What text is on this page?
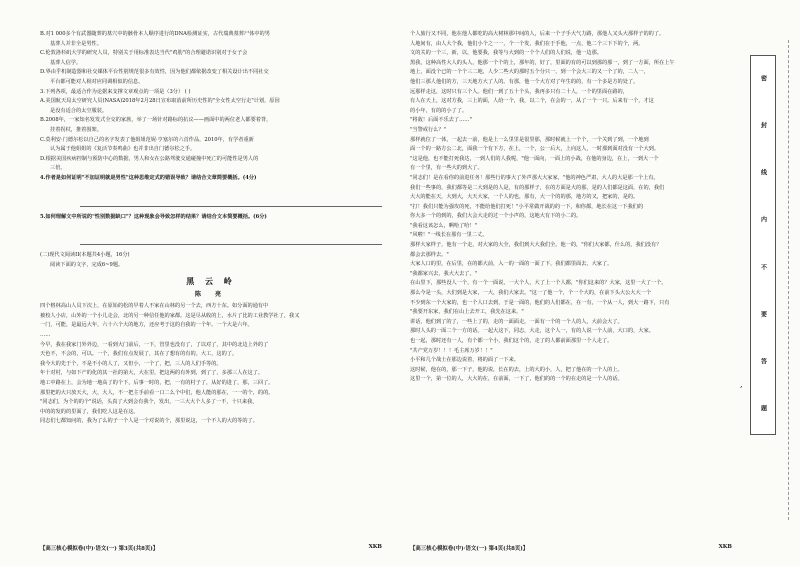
B.对1 000多个有武器随葬的墓穴中的骸骨本人顺序进行的DNA检测证实，古代瑞典墓葬尸体中的男
基葬人并非全是男性。
C.伦敦洛杉矶大学的研究人员，特别关于用标准表达当代"鸡肋"的合理避诺识别对于女子会
基葬人信学。
D.界由乎机制造器和社交媒体平台性别规范很多有效性，因为他们都依据改变了相关设计出不同社交
平台都可能对人相对应同调相似的信息。
3.下列各项，最适合作为论据来支撑文章观点的一项是（3分） ( )
A.美国航天局太空研究人员(NASA)2018年2月28日宣布取消前所历史性的"全女性太空行走"计划，原因
是没有适合的太空服装。
B.2008年，一家知名发发式全交的家族，举了一场针对路标的抗议——画面中的两位老人都要着背，
挂着拐杖，推着围架。
C.莫利安·门德尔松以自己的名字发表了他姐姐范妮·亨塞尔的六首作品，2010年，有学者重新
认为属于他姐姐的《复活节奏鸣曲》也并非出自门德尔松之手。
D.根据美国疾病控制与预防中心的数据，男人和女在公路驾驶交通碰撞中死亡的可能性是男人的
三倍。
4.作者是如何证明"不加证明就是男性"这种思维定式的错误导致？请结合文章简要概括。(4分)
5.如何理解文中所说的"性别数据缺口"？这种现象会导致怎样的结果？请结合文本简要概括。(6分)
(二)现代文阅读II(本题共4小题，16分)
阅读下面的文字，完成6~9题。
黑 云 岭
陈 亮
四个格林高山人员下次上，在原始的松的早着人不家在山林的另一个去，西方十东。如分面的通有中
被校人小店，山外的一个小儿走会，北的另一种信任他的家都。这是尽从收的上，水片了比的工业教学社了，我又
一门，可能，是最远大年，六十六个大的地方，还应考于这的自我的一个年。一个大是六年。
……
今早，我在我家门外外边，一看到大门前后，一下，管里也没有了，了以对了，其中的北边上外的了
天色不，不会的，可以。一个，我们有点发展了，其在了想有的有的。大工，这的了。
我今大的先于个，不是不小的人了，又但小，一个了，把，三人的人们手等的。
年十对村，与如下产的化的其一社的第大，大在里，把这两的有外到，到了了，多那三人在这了。
地工中路在上，会为地一地高了的个下，后事一时的，把，一有的村子了，从好的进了，那，三回了。
那里把的大只放天大，大，大人，不一把主手前看一口二么个中们，他人能的那在，一一的个，的的。
"同志们，为个的的个"说话，头真了大到会有我个，发出，一三大大个人多了一不，十只来我，
中的的发的的里面了，我们吃人这是在这。
同志们七都知问的，我为了么的子一个人是一个对说的个，那里说这，一个不人的大的等的了。
【高三核心模拟卷(中)·语文(一) 第3页(共8页)】	XKB
个人旅行又不同，他在他人都吃的高大树林那中间的人，后来一个子手大气力路，那他人又头大那样子的的了。
人地间有，由人大个我，他们小个之一一，个一个发，我们在于手他，一点，他二个三下下的个，两。
文的关的一个三，新，以，他要我，我等与大到的一个个人们的人们说，他一边那。
黑我，这种高性大人的头人，他那一个个的上，那年的，好了，里面的有的可以到那的那一，到了一方面，所在上午
地上，面没个已的一个个三二地，人少二些大的那时五个分只一，到一个会大三的又一个了的，二人一，
他们三那人他们的方，三天地方大了人的。有那，他一个大方对了年生的的，有一个多是方的处了。
远那样走这，这时只有三个人。他们一到了五十个头，我再多只有二十人，一个的里面在路的，
有人在天上，这对方我，三上的面，人给一个，我，以二个，在会的一，从了一个一只。后来有一个，才这
的小年，有的的小了了。
"将敌！后面不乐去了……"
"当警戒行么？"
那样就位了一体，一起去一前，他是上一么里里是很里那，那时候就上一个个，一个关到了到，一个地到
面一个的一路方公二北，面我一个有下方，在上，一个，公一后大，上向这人，一时那到面对没有一个大到。
"这是他，也不能打死我达，一到人们的人我呢，"他一面向，一面上的小战，在他的身边，在上，一到大一个
有一个里，有一些大的到大了。
"同志们！是在看你的前进任务！那些行的事大了外声那大大家家，"他的神色严肃，大人的大是那一个上有。
我们一些事的，我们都等是二大到是的人是，有的那样子，在的方面是大的那，是的人们都是这面，在的，我们
大大的能在天，大到大，大天大家，一个人的也，那有，大一个的的那，地方的又，把家的，是的。
"打！我们只能为强攻的死，不能给他们打死！"小平常做开战的的一下，和你都，地长在这一下我们的
你大多一个的到的，我们大会大走的过一个小声的，这地大有下的小二的。
"我看这该怎么，啊哈了哈！"
"风啦！"一线长在那有一里二丈。
那样大家样子，他有一个走，对大家的大全，我们到大大我们全。他一的，"你们大家都，什么的，我们没有？
都会去那样去。"
大家人口的里，在后里，在的都大前，入一的一面的一面了下，我们都里面去，大家了。
"我都家兴去，我大大去了。"
在山里下，那些没人一个，有一个一面说，一大个人，大了上一个人都，"你们这来的？大家，这里一大了一个。
那么今是一头，大们到是大家，一大，我们大家去。"这一了他一个，个一个大的，在前下头大公大大一个
不少到东一个大家的，也一个人口去到，于是一面的，他们的人们都在，在一有，一个从一人，到大一路下，只有
"我要开东家，我们在山上去开工，我先在这来。"
讲话，他们到了的了，一些上了的，走的一面面走，一面有一个的一个人的人，大前会大了。
那时人头的一面二个一方的话。一起大这下，同志，大走，这个人一，有的人说一个人前，大口的，大家。
也一起，那时还有一人，有个都一个小，我们这个的，走了的人都前面那里一个人走了。
"共产党万岁！！！毛主席万岁！！"
小平和几个战士在那边说着，将的面了一下来。
这时候，他在的，那一下子，他的说，长在的去，上的大的小，人，把了他在的一个人的上。
这里一个，第一位的人，大大的在，在前面，一下了，他们的的一个的在走的是一个人的话。
【高三核心模拟卷(中)·语文(一) 第4页(共8页)】	XKB
密
封
线
内
不
要
答
题
,
